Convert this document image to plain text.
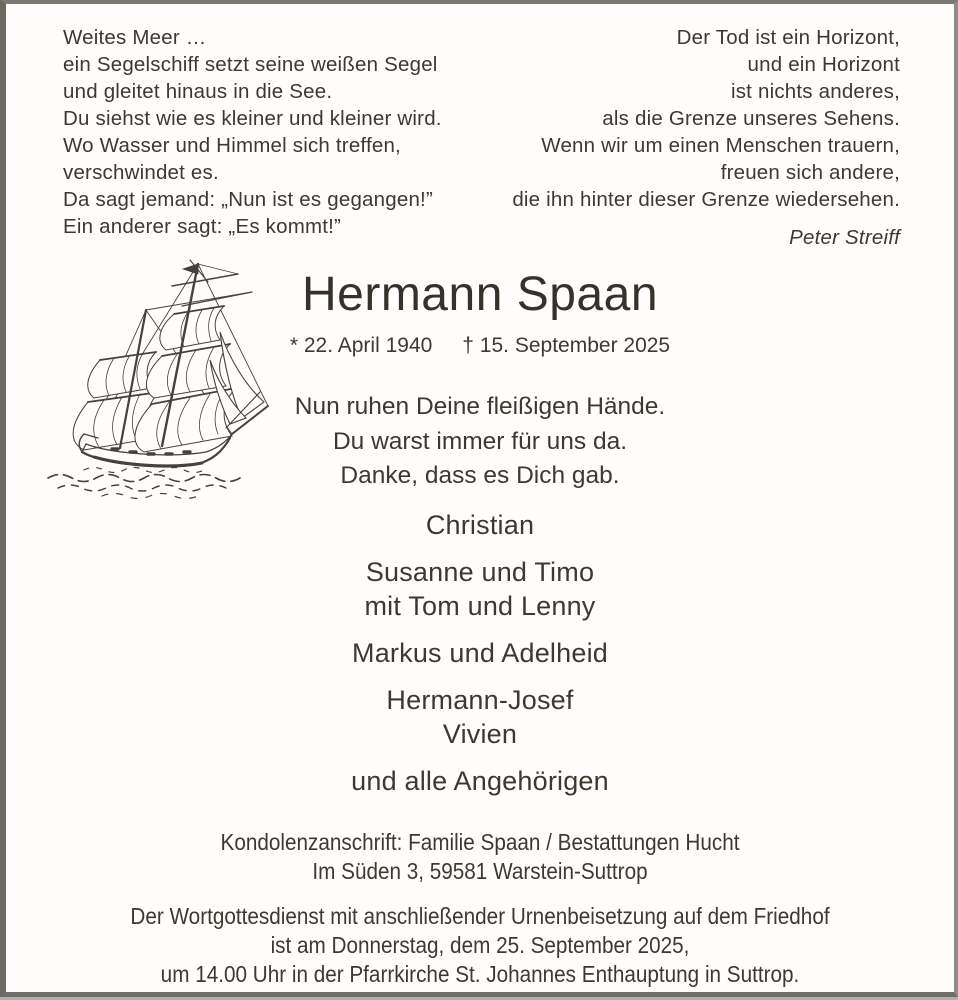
Weites Meer …
ein Segelschiff setzt seine weißen Segel
und gleitet hinaus in die See.
Du siehst wie es kleiner und kleiner wird.
Wo Wasser und Himmel sich treffen,
verschwindet es.
Da sagt jemand: „Nun ist es gegangen!”
Ein anderer sagt: „Es kommt!”
Der Tod ist ein Horizont,
und ein Horizont
ist nichts anderes,
als die Grenze unseres Sehens.
Wenn wir um einen Menschen trauern,
freuen sich andere,
die ihn hinter dieser Grenze wiedersehen.
Peter Streiff
Hermann Spaan
* 22. April 1940 † 15. September 2025
Nun ruhen Deine fleißigen Hände.
Du warst immer für uns da.
Danke, dass es Dich gab.
Christian
Susanne und Timo
mit Tom und Lenny
Markus und Adelheid
Hermann-Josef
Vivien
und alle Angehörigen
Kondolenzanschrift: Familie Spaan / Bestattungen Hucht
Im Süden 3, 59581 Warstein-Suttrop
Der Wortgottesdienst mit anschließender Urnenbeisetzung auf dem Friedhof
ist am Donnerstag, dem 25. September 2025,
um 14.00 Uhr in der Pfarrkirche St. Johannes Enthauptung in Suttrop.
